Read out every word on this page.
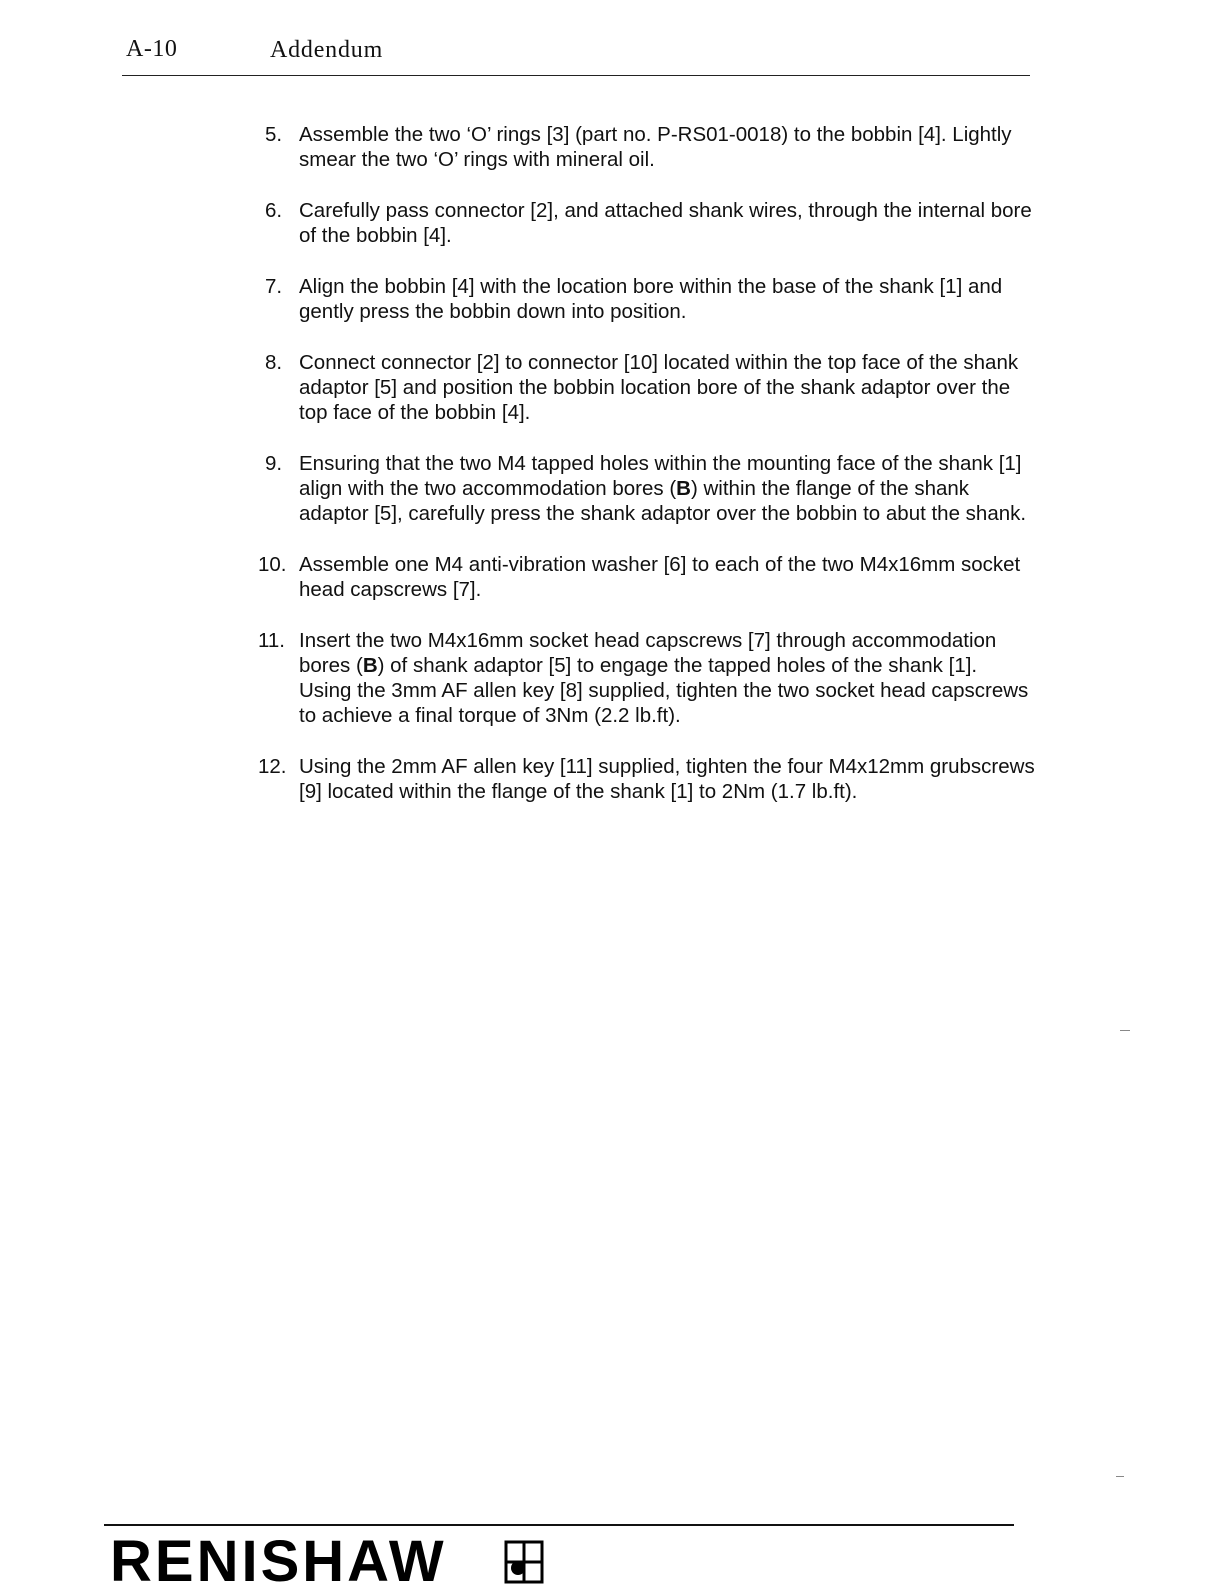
A-10	Addendum
5. Assemble the two ‘O’ rings [3] (part no. P-RS01-0018) to the bobbin [4]. Lightly smear the two ‘O’ rings with mineral oil.
6. Carefully pass connector [2], and attached shank wires, through the internal bore of the bobbin [4].
7. Align the bobbin [4] with the location bore within the base of the shank [1] and gently press the bobbin down into position.
8. Connect connector [2] to connector [10] located within the top face of the shank adaptor [5] and position the bobbin location bore of the shank adaptor over the top face of the bobbin [4].
9. Ensuring that the two M4 tapped holes within the mounting face of the shank [1] align with the two accommodation bores (B) within the flange of the shank adaptor [5], carefully press the shank adaptor over the bobbin to abut the shank.
10. Assemble one M4 anti-vibration washer [6] to each of the two M4x16mm socket head capscrews [7].
11. Insert the two M4x16mm socket head capscrews [7] through accommodation bores (B) of shank adaptor [5] to engage the tapped holes of the shank [1]. Using the 3mm AF allen key [8] supplied, tighten the two socket head capscrews to achieve a final torque of 3Nm (2.2 lb.ft).
12. Using the 2mm AF allen key [11] supplied, tighten the four M4x12mm grubscrews [9] located within the flange of the shank [1] to 2Nm (1.7 lb.ft).
RENISHAW
